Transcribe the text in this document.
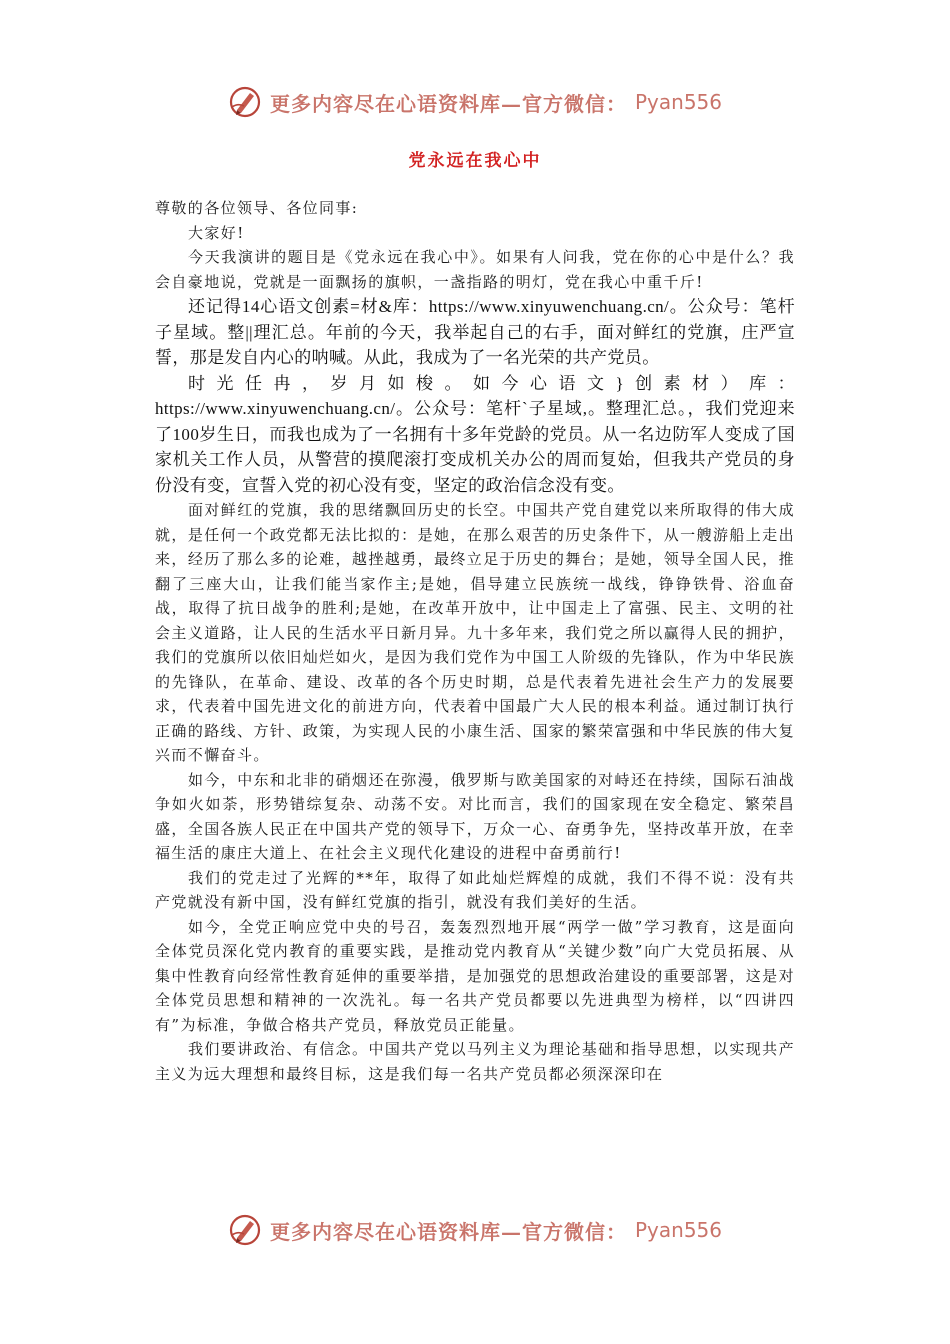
更多内容尽在心语资料库—官方微信： Pyan556
党永远在我心中

尊敬的各位领导、各位同事:

大家好!

今天我演讲的题目是《党永远在我心中》。如果有人问我，党在你的心中是什么？我会自豪地说，党就是一面飘扬的旗帜，一盏指路的明灯，党在我心中重千斤!

还记得14心语文创素=材&库：https://www.xinyuwenchuang.cn/。公众号：笔杆子星域。整||理汇总。年前的今天，我举起自己的右手，面对鲜红的党旗，庄严宣誓，那是发自内心的呐喊。从此，我成为了一名光荣的共产党员。

时光任冉，岁月如梭。如今心语文}创素材）库：https://www.xinyuwenchuang.cn/。公众号：笔杆`子星域,。整理汇总。，我们党迎来了100岁生日，而我也成为了一名拥有十多年党龄的党员。从一名边防军人变成了国家机关工作人员，从警营的摸爬滚打变成机关办公的周而复始，但我共产党员的身份没有变，宣誓入党的初心没有变，坚定的政治信念没有变。

面对鲜红的党旗，我的思绪飘回历史的长空。中国共产党自建党以来所取得的伟大成就，是任何一个政党都无法比拟的：是她，在那么艰苦的历史条件下，从一艘游船上走出来，经历了那么多的论难，越挫越勇，最终立足于历史的舞台；是她，领导全国人民，推翻了三座大山，让我们能当家作主;是她，倡导建立民族统一战线，铮铮铁骨、浴血奋战，取得了抗日战争的胜利;是她，在改革开放中，让中国走上了富强、民主、文明的社会主义道路，让人民的生活水平日新月异。九十多年来，我们党之所以赢得人民的拥护，我们的党旗所以依旧灿烂如火，是因为我们党作为中国工人阶级的先锋队，作为中华民族的先锋队，在革命、建设、改革的各个历史时期，总是代表着先进社会生产力的发展要求，代表着中国先进文化的前进方向，代表着中国最广大人民的根本利益。通过制订执行正确的路线、方针、政策，为实现人民的小康生活、国家的繁荣富强和中华民族的伟大复兴而不懈奋斗。

如今，中东和北非的硝烟还在弥漫，俄罗斯与欧美国家的对峙还在持续，国际石油战争如火如荼，形势错综复杂、动荡不安。对比而言，我们的国家现在安全稳定、繁荣昌盛，全国各族人民正在中国共产党的领导下，万众一心、奋勇争先，坚持改革开放，在幸福生活的康庄大道上、在社会主义现代化建设的进程中奋勇前行!

我们的党走过了光辉的**年，取得了如此灿烂辉煌的成就，我们不得不说：没有共产党就没有新中国，没有鲜红党旗的指引，就没有我们美好的生活。

如今，全党正响应党中央的号召，轰轰烈烈地开展“两学一做”学习教育，这是面向全体党员深化党内教育的重要实践，是推动党内教育从“关键少数”向广大党员拓展、从集中性教育向经常性教育延伸的重要举措，是加强党的思想政治建设的重要部署，这是对全体党员思想和精神的一次洗礼。每一名共产党员都要以先进典型为榜样，以“四讲四有”为标准，争做合格共产党员，释放党员正能量。

我们要讲政治、有信念。中国共产党以马列主义为理论基础和指导思想，以实现共产主义为远大理想和最终目标，这是我们每一名共产党员都必须深深印在

更多内容尽在心语资料库—官方微信： Pyan556
